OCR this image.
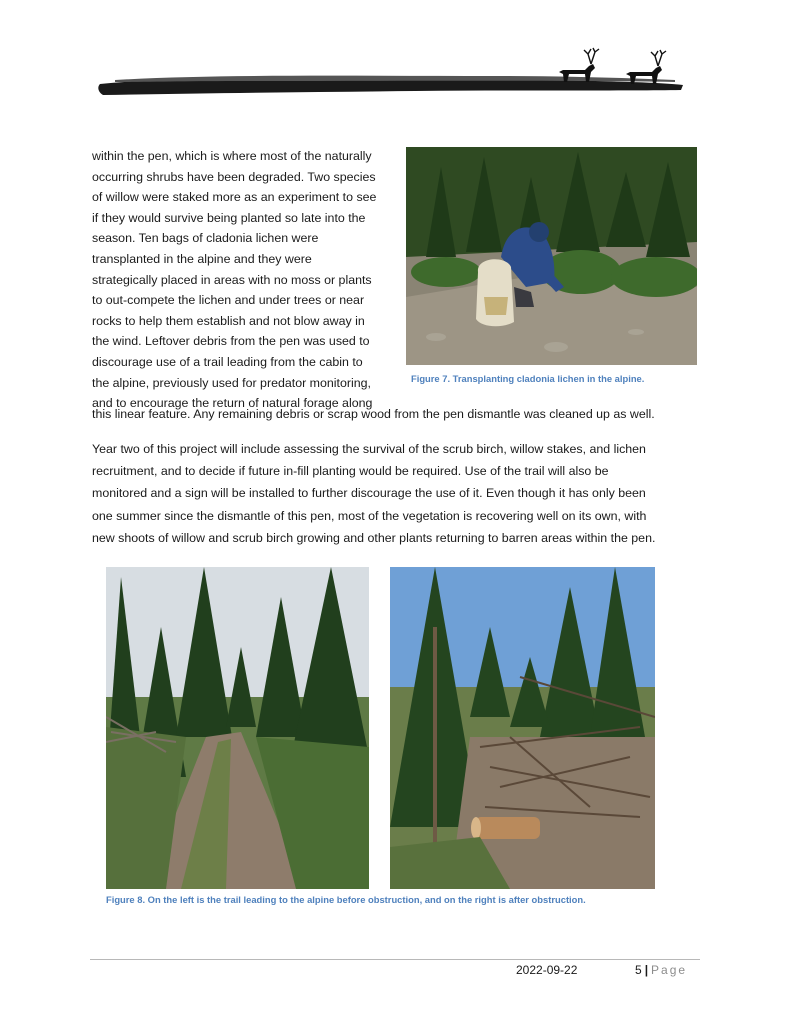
within the pen, which is where most of the naturally

occurring shrubs have been degraded. Two species

of willow were staked more as an experiment to see

if they would survive being planted so late into the

season. Ten bags of cladonia lichen were

transplanted in the alpine and they were

strategically placed in areas with no moss or plants

to out-compete the lichen and under trees or near

rocks to help them establish and not blow away in

the wind. Leftover debris from the pen was used to

discourage use of a trail leading from the cabin to

the alpine, previously used for predator monitoring,

and to encourage the return of natural forage along

this linear feature. Any remaining debris or scrap wood from the pen dismantle was cleaned up as well.
Figure 7. Transplanting cladonia lichen in the alpine.

Year two of this project will include assessing the survival of the scrub birch, willow stakes, and lichen

recruitment, and to decide if future in-fill planting would be required. Use of the trail will also be

monitored and a sign will be installed to further discourage the use of it. Even though it has only been

one summer since the dismantle of this pen, most of the vegetation is recovering well on its own, with

new shoots of willow and scrub birch growing and other plants returning to barren areas within the pen.

Figure 8. On the left is the trail leading to the alpine before obstruction, and on the right is after obstruction.
2022-09-22	5 | Page
